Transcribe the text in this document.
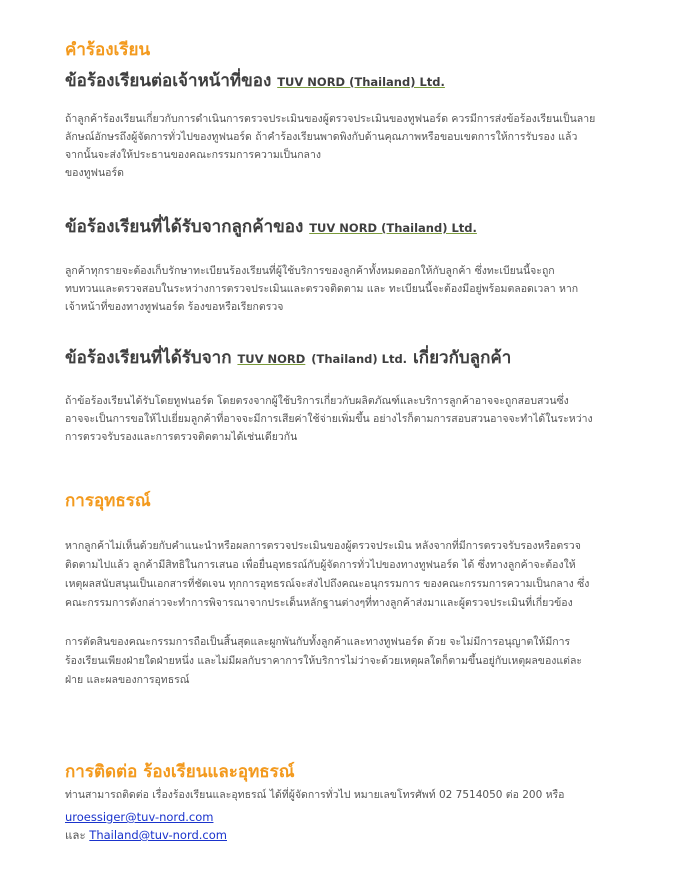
คำร้องเรียน
ข้อร้องเรียนต่อเจ้าหน้าที่ของ TUV NORD (Thailand) Ltd.
ถ้าลูกค้าร้องเรียนเกี่ยวกับการดำเนินการตรวจประเมินของผู้ตรวจประเมินของทูฟนอร์ด ควรมีการส่งข้อร้องเรียนเป็นลาย
ลักษณ์อักษรถึงผู้จัดการทั่วไปของทูฟนอร์ด ถ้าคำร้องเรียนพาดพิงกับด้านคุณภาพหรือขอบเขตการให้การรับรอง แล้ว
จากนั้นจะส่งให้ประธานของคณะกรรมการความเป็นกลาง
ของทูฟนอร์ด
ข้อร้องเรียนที่ได้รับจากลูกค้าของ TUV NORD (Thailand) Ltd.
ลูกค้าทุกรายจะต้องเก็บรักษาทะเบียนร้องเรียนที่ผู้ใช้บริการของลูกค้าทั้งหมดออกให้กับลูกค้า ซึ่งทะเบียนนี้จะถูก
ทบทวนและตรวจสอบในระหว่างการตรวจประเมินและตรวจติดตาม และ ทะเบียนนี้จะต้องมีอยู่พร้อมตลอดเวลา หาก
เจ้าหน้าที่ของทางทูฟนอร์ด ร้องขอหรือเรียกตรวจ
ข้อร้องเรียนที่ได้รับจาก TUV NORD (Thailand) Ltd. เกี่ยวกับลูกค้า
ถ้าข้อร้องเรียนได้รับโดยทูฟนอร์ด โดยตรงจากผู้ใช้บริการเกี่ยวกับผลิตภัณฑ์และบริการลูกค้าอาจจะถูกสอบสวนซึ่ง
อาจจะเป็นการขอให้ไปเยี่ยมลูกค้าที่อาจจะมีการเสียค่าใช้จ่ายเพิ่มขึ้น อย่างไรก็ตามการสอบสวนอาจจะทำได้ในระหว่าง
การตรวจรับรองและการตรวจติดตามได้เช่นเดียวกัน
การอุทธรณ์
หากลูกค้าไม่เห็นด้วยกับคำแนะนำหรือผลการตรวจประเมินของผู้ตรวจประเมิน หลังจากที่มีการตรวจรับรองหรือตรวจ
ติดตามไปแล้ว ลูกค้ามีสิทธิในการเสนอ เพื่อยื่นอุทธรณ์กับผู้จัดการทั่วไปของทางทูฟนอร์ด ได้ ซึ่งทางลูกค้าจะต้องให้
เหตุผลสนับสนุนเป็นเอกสารที่ชัดเจน ทุกการอุทธรณ์จะส่งไปถึงคณะอนุกรรมการ ของคณะกรรมการความเป็นกลาง ซึ่ง
คณะกรรมการดังกล่าวจะทำการพิจารณาจากประเด็นหลักฐานต่างๆที่ทางลูกค้าส่งมาและผู้ตรวจประเมินที่เกี่ยวข้อง
การตัดสินของคณะกรรมการถือเป็นสิ้นสุดและผูกพันกับทั้งลูกค้าและทางทูฟนอร์ด ด้วย จะไม่มีการอนุญาตให้มีการ
ร้องเรียนเพียงฝ่ายใดฝ่ายหนึ่ง และไม่มีผลกับราคาการให้บริการไม่ว่าจะด้วยเหตุผลใดก็ตามขึ้นอยู่กับเหตุผลของแต่ละ
ฝ่าย และผลของการอุทธรณ์
การติดต่อ ร้องเรียนและอุทธรณ์
ท่านสามารถติดต่อ เรื่องร้องเรียนและอุทธรณ์ ได้ที่ผู้จัดการทั่วไป หมายเลขโทรศัพท์ 02 7514050 ต่อ 200 หรือ
uroessiger@tuv-nord.com
และ Thailand@tuv-nord.com
